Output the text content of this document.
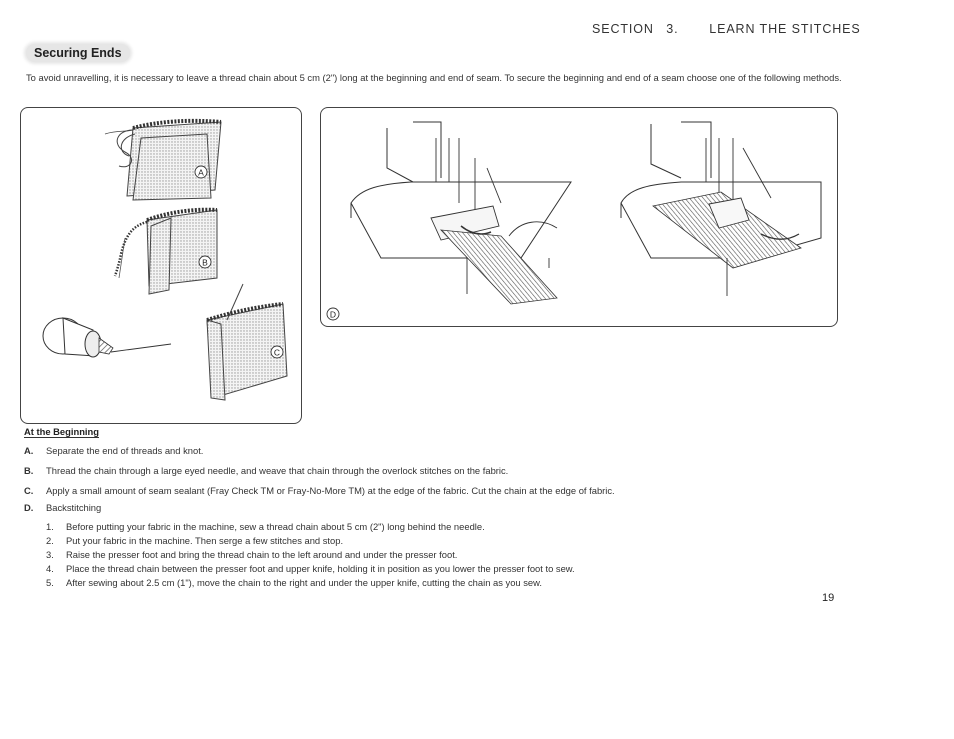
SECTION 3. LEARN THE STITCHES
Securing Ends
To avoid unravelling, it is necessary to leave a thread chain about 5 cm (2") long at the beginning and end of seam. To secure the beginning and end of a seam choose one of the following methods.
A
B
C
D
At the Beginning
A. Separate the end of threads and knot.
B. Thread the chain through a large eyed needle, and weave that chain through the overlock stitches on the fabric.
C. Apply a small amount of seam sealant (Fray Check TM or Fray-No-More TM) at the edge of the fabric. Cut the chain at the edge of fabric.
D. Backstitching
1. Before putting your fabric in the machine, sew a thread chain about 5 cm (2") long behind the needle.
2. Put your fabric in the machine. Then serge a few stitches and stop.
3. Raise the presser foot and bring the thread chain to the left around and under the presser foot.
4. Place the thread chain between the presser foot and upper knife, holding it in position as you lower the presser foot to sew.
5. After sewing about 2.5 cm (1"), move the chain to the right and under the upper knife, cutting the chain as you sew.
19
